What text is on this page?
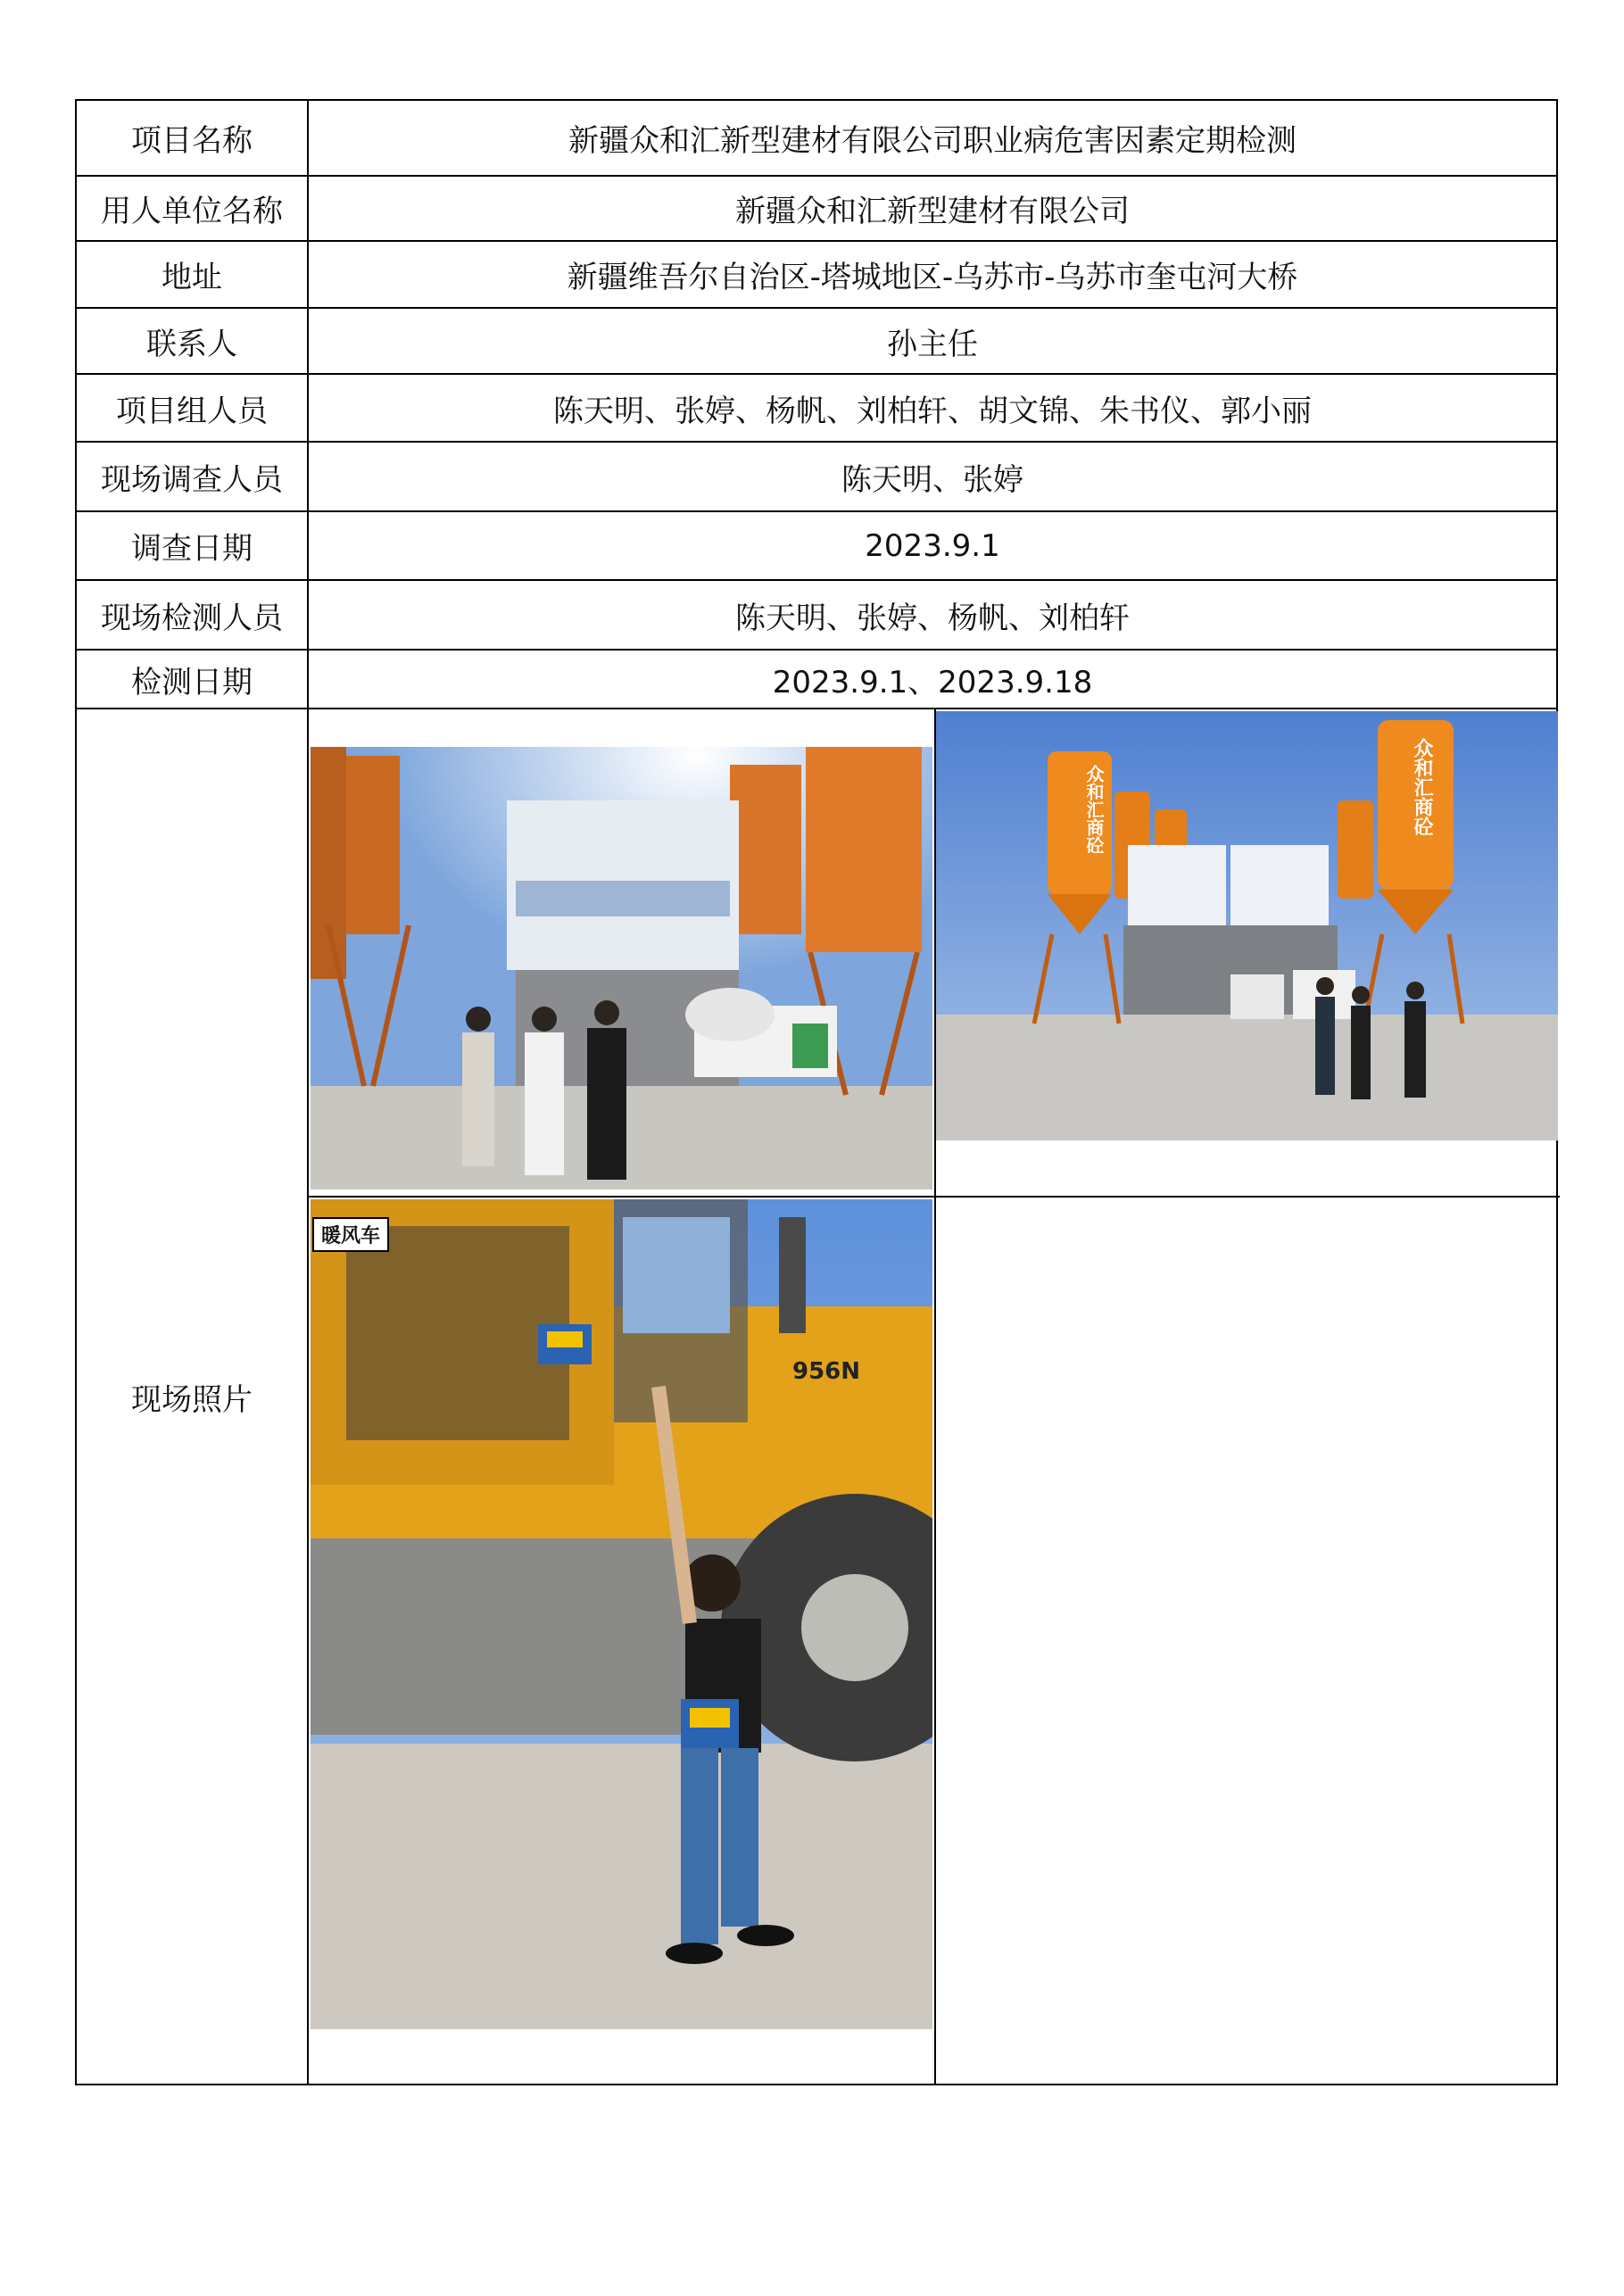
项目名称	新疆众和汇新型建材有限公司职业病危害因素定期检测
用人单位名称	新疆众和汇新型建材有限公司
地址	新疆维吾尔自治区-塔城地区-乌苏市-乌苏市奎屯河大桥
联系人	孙主任
项目组人员	陈天明、张婷、杨帆、刘柏轩、胡文锦、朱书仪、郭小丽
现场调查人员	陈天明、张婷
调查日期	2023.9.1
现场检测人员	陈天明、张婷、杨帆、刘柏轩
检测日期	2023.9.1、2023.9.18
现场照片	众和汇商砼 众和汇商砼
暖风车
956N
